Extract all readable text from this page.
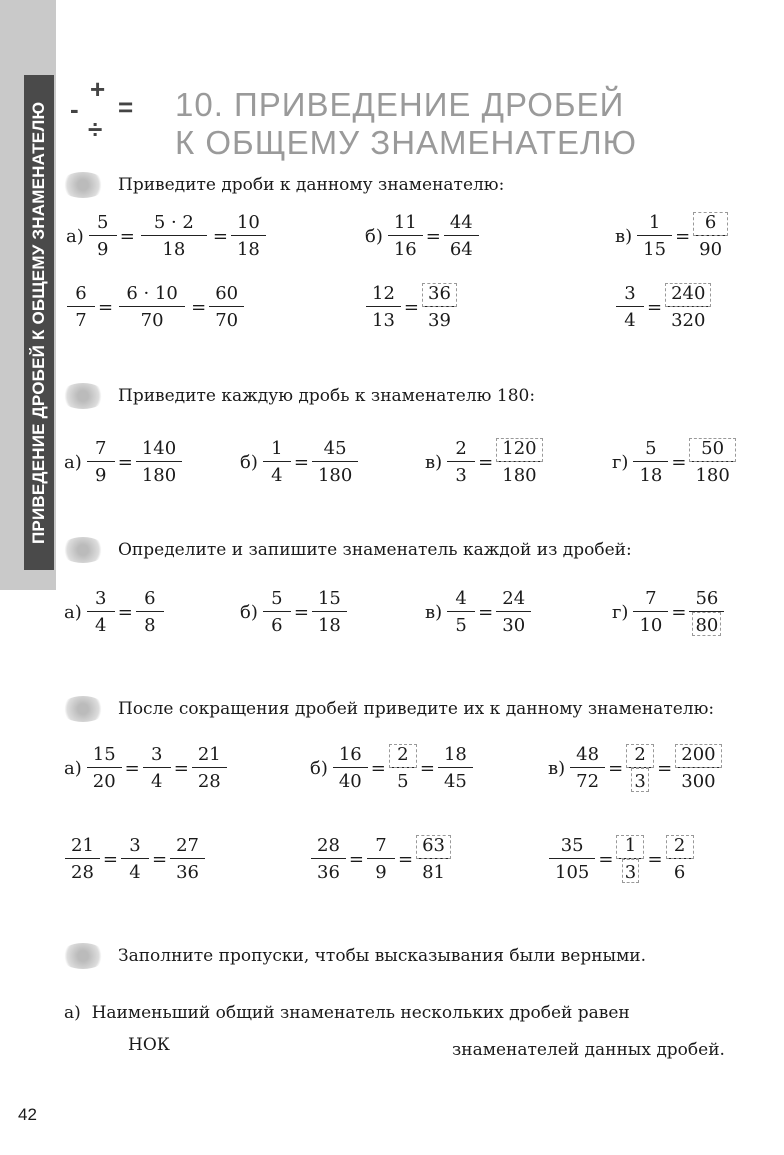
ПРИВЕДЕНИЕ ДРОБЕЙ К ОБЩЕМУ ЗНАМЕНАТЕЛЮ -
+
=
÷
10. ПРИВЕДЕНИЕ ДРОБЕЙ
К ОБЩЕМУ ЗНАМЕНАТЕЛЮ
Приведите дроби к данному знаменателю:
$а) \frac{5}{9} = \frac{5 \cdot 2}{18} = \frac{10}{18}$	$б) \frac{11}{16} = \frac{44}{64}$	$в) \frac{1}{15} = \frac{6}{90}$
$\frac{6}{7} = \frac{6 \cdot 10}{70} = \frac{60}{70}$	$\frac{12}{13} = \frac{36}{39}$	$\frac{3}{4} = \frac{240}{320}$
Приведите каждую дробь к знаменателю 180:
$а) \frac{7}{9} = \frac{140}{180}$	$б) \frac{1}{4} = \frac{45}{180}$	$в) \frac{2}{3} = \frac{120}{180}$	$г) \frac{5}{18} = \frac{50}{180}$
Определите и запишите знаменатель каждой из дробей:
$а) \frac{3}{4} = \frac{6}{8}$	$б) \frac{5}{6} = \frac{15}{18}$	$в) \frac{4}{5} = \frac{24}{30}$	$г) \frac{7}{10} = \frac{56}{80}$
После сокращения дробей приведите их к данному знаменателю:
$а) \frac{15}{20} = \frac{3}{4} = \frac{21}{28}$	$б) \frac{16}{40} = \frac{2}{5} = \frac{18}{45}$	$в) \frac{48}{72} = \frac{2}{3} = \frac{200}{300}$
$\frac{21}{28} = \frac{3}{4} = \frac{27}{36}$	$\frac{28}{36} = \frac{7}{9} = \frac{63}{81}$	$\frac{35}{105} = \frac{1}{3} = \frac{2}{6}$
Заполните пропуски, чтобы высказывания были верными.
а) Наименьший общий знаменатель нескольких дробей равен
НОК	знаменателей данных дробей.
42
